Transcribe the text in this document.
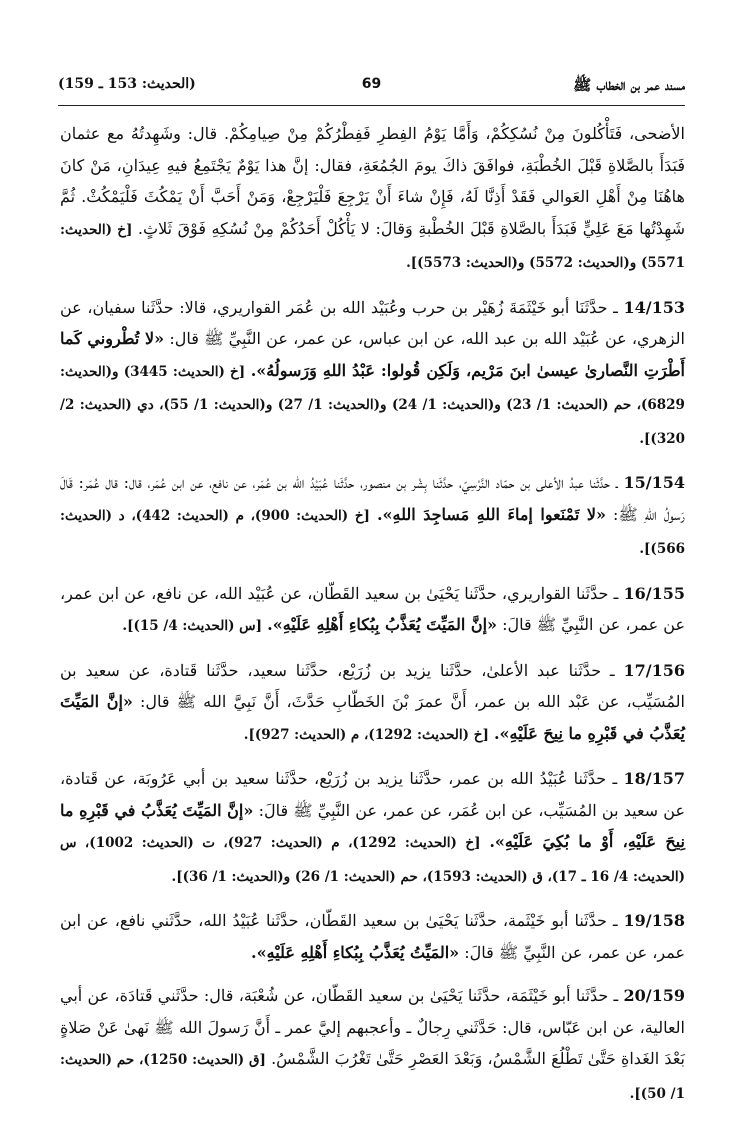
مسند عمر بن الخطاب ﷺ
69
(الحديث: 153 ـ 159)

الأضحى، فَتَأْكُلونَ مِنْ نُسُكِكُمْ، وَأَمَّا يَوْمُ الفِطرِ فَفِطْرُكُمْ مِنْ صِيامِكُمْ. قال: وشَهِدتُهُ مع عثمان فَبَدَأَ بالصَّلاةِ قَبْلَ الخُطْبَةِ، فوافَقَ ذاكَ يومَ الجُمُعَةِ، فقال: إنَّ هذا يَوْمٌ يَجْتَمِعُ فيهِ عِيدَانِ، مَنْ كانَ هاهُنَا مِنْ أَهْلِ العَوالي فَقَدْ أَذِنَّا لَهُ، فَإِنْ شاءَ أَنْ يَرْجِعَ فَلْيَرْجِعْ، وَمَنْ أَحَبَّ أَنْ يَمْكُثَ فَلْيَمْكُثْ. ثُمَّ شَهِدْتُها مَعَ عَلِيٍّ فَبَدَأَ بالصَّلاةِ قَبْلَ الخُطْبةِ وَقالَ: لا يَأْكُلْ أَحَدُكُمْ مِنْ نُسُكِهِ فَوْقَ ثَلاثٍ. [خ (الحديث: 5571) و(الحديث: 5572) و(الحديث: 5573)].

14/153 ـ حدَّثَنَا أبو خَيْثَمَةَ زُهَيْر بن حرب وعُبَيْد الله بن عُمَر القواريري، قالا: حدَّثَنا سفيان، عن الزهري، عن عُبَيْد الله بن عبد الله، عن ابن عباس، عن عمر، عن النَّبِيِّ ﷺ قال: «لا تُطْروني كَما أَطْرَتِ النَّصارىٰ عيسىٰ ابنَ مَرْيم، وَلَكِن قُولوا: عَبْدُ اللهِ وَرَسولُهُ». [خ (الحديث: 3445) و(الحديث: 6829)، حم (الحديث: 1/ 23) و(الحديث: 1/ 24) و(الحديث: 1/ 27) و(الحديث: 1/ 55)، دي (الحديث: 2/ 320)].

15/154 ـ حدَّثَنا عبدُ الأعلى بن حمّاد النَّرْسِيّ، حدَّثَنا بِشْر بن منصور، حدَّثَنا عُبَيْدُ الله بن عُمَر، عن نافع، عن ابن عُمَر، قال: قال عُمَر: قَالَ رَسولُ اللهِ ﷺ: «لا تَمْنَعوا إماءَ اللهِ مَساجِدَ اللهِ». [خ (الحديث: 900)، م (الحديث: 442)، د (الحديث: 566)].

16/155 ـ حدَّثَنا القواريري، حدَّثَنا يَحْيَىٰ بن سعيد القَطّان، عن عُبَيْد الله، عن نافع، عن ابن عمر، عن عمر، عن النَّبِيِّ ﷺ قالَ: «إنَّ المَيِّتَ يُعَذَّبُ بِبُكاءِ أَهْلِهِ عَلَيْهِ». [س (الحديث: 4/ 15)].

17/156 ـ حدَّثَنا عبد الأعلىٰ، حدَّثَنا يزيد بن زُرَيْع، حدَّثَنا سعيد، حدَّثَنا قَتادة، عن سعيد بن المُسَيِّب، عن عَبْد الله بن عمر، أَنَّ عمرَ بْنَ الخَطّابِ حَدَّثَ، أَنَّ نَبِيَّ الله ﷺ قال: «إنَّ المَيِّتَ يُعَذَّبُ في قَبْرِهِ ما نِيحَ عَلَيْهِ». [خ (الحديث: 1292)، م (الحديث: 927)].

18/157 ـ حدَّثَنا عُبَيْدُ الله بن عمر، حدَّثَنا يزيد بن زُرَيْع، حدَّثَنا سعيد بن أبي عَرُوبَة، عن قَتادة، عن سعيد بن المُسَيِّب، عن ابن عُمَر، عن عمر، عن النَّبِيِّ ﷺ قالَ: «إنَّ المَيِّتَ يُعَذَّبُ في قَبْرِهِ ما نِيحَ عَلَيْهِ، أَوْ ما بُكِيَ عَلَيْهِ». [خ (الحديث: 1292)، م (الحديث: 927)، ت (الحديث: 1002)، س (الحديث: 4/ 16 ـ 17)، ق (الحديث: 1593)، حم (الحديث: 1/ 26) و(الحديث: 1/ 36)].

19/158 ـ حدَّثَنا أبو خَيْثَمة، حدَّثَنا يَحْيَىٰ بن سعيد القَطّان، حدَّثَنا عُبَيْدُ الله، حدَّثَني نافع، عن ابن عمر، عن عمر، عن النَّبِيِّ ﷺ قالَ: «المَيِّتُ يُعَذَّبُ بِبُكاءِ أَهْلِهِ عَلَيْهِ».

20/159 ـ حدَّثَنا أبو خَيْثَمَة، حدَّثَنا يَحْيَىٰ بن سعيد القَطّان، عن شُعْبَة، قال: حدَّثَني قَتادَة، عن أبي العالية، عن ابن عَبّاس، قال: حَدَّثَني رِجالٌ ـ وأعجبهم إليَّ عمر ـ أَنَّ رَسولَ الله ﷺ نَهىٰ عَنْ صَلاةٍ بَعْدَ الغَداةِ حَتَّىٰ تَطْلُعَ الشَّمْسُ، وَبَعْدَ العَصْرِ حَتَّىٰ تَغْرُبَ الشَّمْسُ. [ق (الحديث: 1250)، حم (الحديث: 1/ 50)].
